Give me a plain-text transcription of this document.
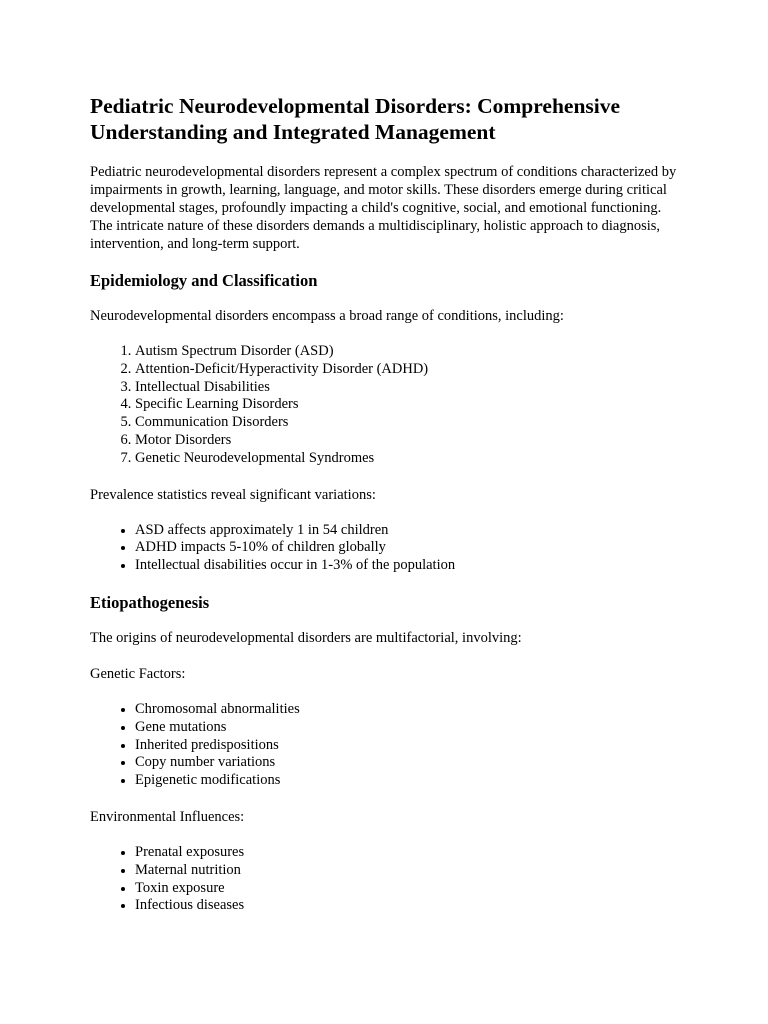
Pediatric Neurodevelopmental Disorders: Comprehensive Understanding and Integrated Management

Pediatric neurodevelopmental disorders represent a complex spectrum of conditions characterized by impairments in growth, learning, language, and motor skills. These disorders emerge during critical developmental stages, profoundly impacting a child's cognitive, social, and emotional functioning. The intricate nature of these disorders demands a multidisciplinary, holistic approach to diagnosis, intervention, and long-term support.

Epidemiology and Classification

Neurodevelopmental disorders encompass a broad range of conditions, including:

1. Autism Spectrum Disorder (ASD)
2. Attention-Deficit/Hyperactivity Disorder (ADHD)
3. Intellectual Disabilities
4. Specific Learning Disorders
5. Communication Disorders
6. Motor Disorders
7. Genetic Neurodevelopmental Syndromes

Prevalence statistics reveal significant variations:

• ASD affects approximately 1 in 54 children
• ADHD impacts 5-10% of children globally
• Intellectual disabilities occur in 1-3% of the population
Etiopathogenesis

The origins of neurodevelopmental disorders are multifactorial, involving:

Genetic Factors:

• Chromosomal abnormalities
• Gene mutations
• Inherited predispositions
• Copy number variations
• Epigenetic modifications

Environmental Influences:

• Prenatal exposures
• Maternal nutrition
• Toxin exposure
• Infectious diseases
